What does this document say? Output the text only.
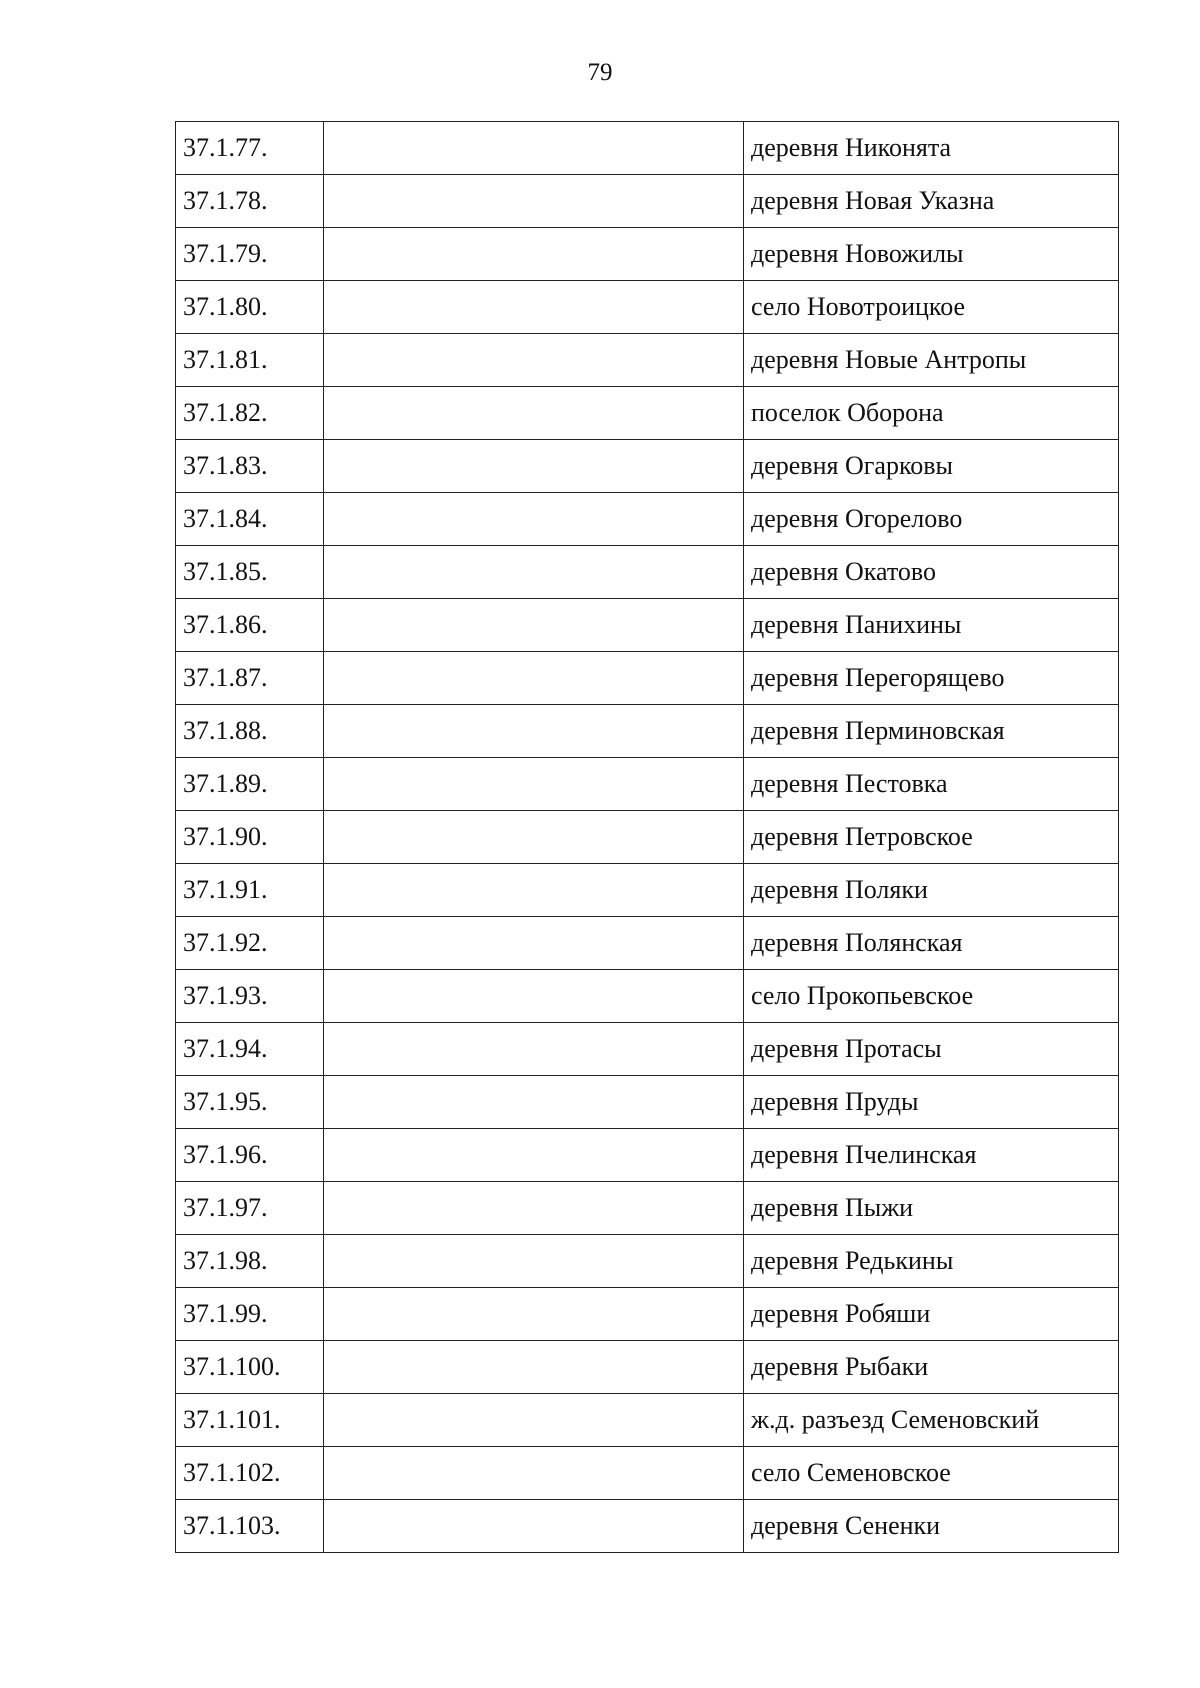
79
37.1.77.		деревня Никонята
37.1.78.		деревня Новая Указна
37.1.79.		деревня Новожилы
37.1.80.		село Новотроицкое
37.1.81.		деревня Новые Антропы
37.1.82.		поселок Оборона
37.1.83.		деревня Огарковы
37.1.84.		деревня Огорелово
37.1.85.		деревня Окатово
37.1.86.		деревня Панихины
37.1.87.		деревня Перегорящево
37.1.88.		деревня Перминовская
37.1.89.		деревня Пестовка
37.1.90.		деревня Петровское
37.1.91.		деревня Поляки
37.1.92.		деревня Полянская
37.1.93.		село Прокопьевское
37.1.94.		деревня Протасы
37.1.95.		деревня Пруды
37.1.96.		деревня Пчелинская
37.1.97.		деревня Пыжи
37.1.98.		деревня Редькины
37.1.99.		деревня Робяши
37.1.100.		деревня Рыбаки
37.1.101.		ж.д. разъезд Семеновский
37.1.102.		село Семеновское
37.1.103.		деревня Сененки
